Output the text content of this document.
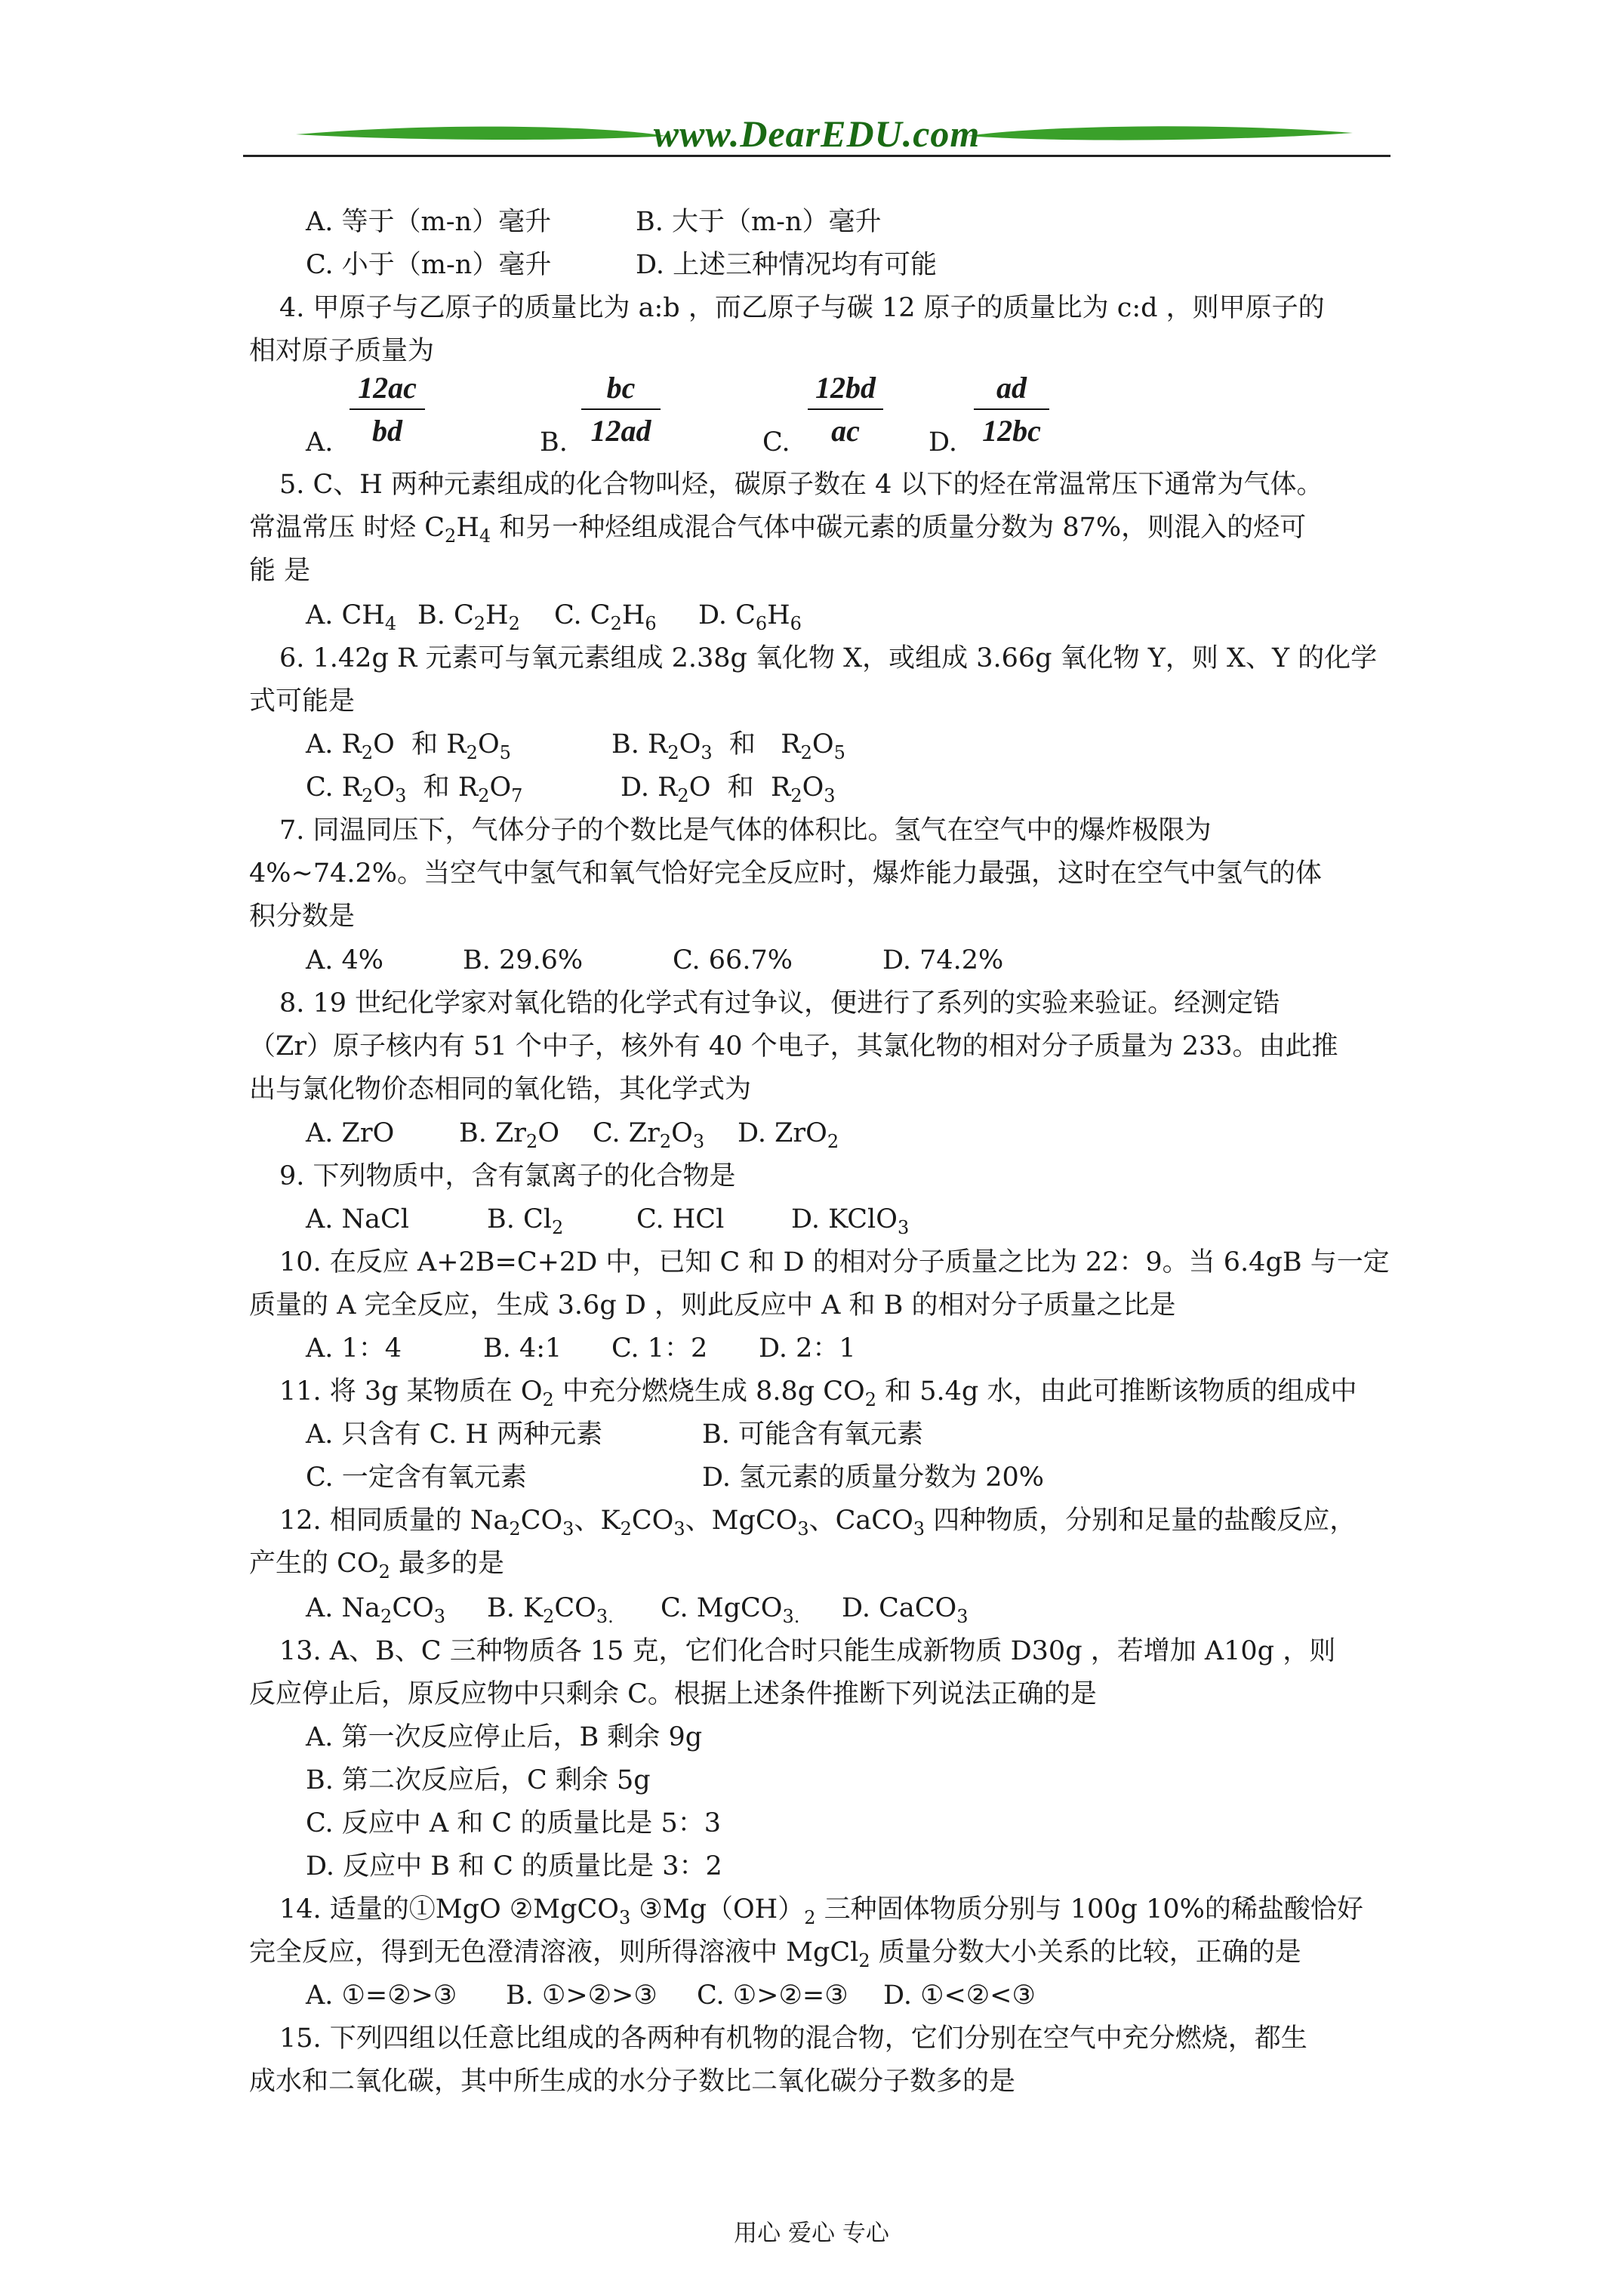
www.DearEDU.com
A. 等于（m-n）毫升	B. 大于（m-n）毫升
C. 小于（m-n）毫升	D. 上述三种情况均有可能
4. 甲原子与乙原子的质量比为 a:b ，而乙原子与碳 12 原子的质量比为 c:d ，则甲原子的
相对原子质量为
A.
12ac
bd	B.
bc
12ad	C.
12bd
ac	D.
ad
12bc
5. C、H 两种元素组成的化合物叫烃，碳原子数在 4 以下的烃在常温常压下通常为气体。
常温常压 时烃 $C_2H_4$ 和另一种烃组成混合气体中碳元素的质量分数为 87%，则混入的烃可
能 是
A. $CH_4$ B. $C_2H_2$ C. $C_2H_6$ D. $C_6H_6$
6. 1.42g R 元素可与氧元素组成 2.38g 氧化物 X，或组成 3.66g 氧化物 Y，则 X、Y 的化学
式可能是
A. $R_2O$ 和 $R_2O_5$	B. $R_2O_3$ 和 $R_2O_5$
C. $R_2O_3$ 和 $R_2O_7$	D. $R_2O$ 和 $R_2O_3$
7. 同温同压下，气体分子的个数比是气体的体积比。氢气在空气中的爆炸极限为
4%~74.2%。当空气中氢气和氧气恰好完全反应时，爆炸能力最强，这时在空气中氢气的体
积分数是
A. 4%	B. 29.6%	C. 66.7%	D. 74.2%
8. 19 世纪化学家对氧化锆的化学式有过争议，便进行了系列的实验来验证。经测定锆
（Zr）原子核内有 51 个中子，核外有 40 个电子，其氯化物的相对分子质量为 233。由此推
出与氯化物价态相同的氧化锆，其化学式为
A. ZrO B. $Zr_2O$ C. $Zr_2O_3$ D. ZrO$_2$
9. 下列物质中，含有氯离子的化合物是
A. NaCl	B. $Cl_2$	C. HCl	D. KClO$_3$
10. 在反应 A+2B=C+2D 中，已知 C 和 D 的相对分子质量之比为 22：9。当 6.4gB 与一定
质量的 A 完全反应，生成 3.6g D ，则此反应中 A 和 B 的相对分子质量之比是
A. 1：4	B. 4:1 C. 1：2 D. 2：1
11. 将 3g 某物质在 $O_2$ 中充分燃烧生成 8.8g $CO_2$ 和 5.4g 水，由此可推断该物质的组成中
A. 只含有 C. H 两种元素	B. 可能含有氧元素
C. 一定含有氧元素	D. 氢元素的质量分数为 20%
12. 相同质量的 $Na_2CO_3$、$K_2CO_3$、MgCO$_3$、CaCO$_3$ 四种物质，分别和足量的盐酸反应，
产生的 $CO_2$ 最多的是
A. $Na_2CO_3$ B. $K_2CO_{3.}$ C. MgCO$_{3.}$ D. CaCO$_3$
13. A、B、C 三种物质各 15 克，它们化合时只能生成新物质 D30g ，若增加 A10g ，则
反应停止后，原反应物中只剩余 C。根据上述条件推断下列说法正确的是
A. 第一次反应停止后，B 剩余 9g
B. 第二次反应后，C 剩余 5g
C. 反应中 A 和 C 的质量比是 5：3
D. 反应中 B 和 C 的质量比是 3：2
14. 适量的①MgO ②MgCO$_3$ $③Mg(OH)_2$ 三种固体物质分别与 100g 10%的稀盐酸恰好
完全反应，得到无色澄清溶液，则所得溶液中 MgCl$_2$ 质量分数大小关系的比较，正确的是
A. ①=②>③ B. ①>②>③ C. ①>②=③ D. ①<②<③
15. 下列四组以任意比组成的各两种有机物的混合物，它们分别在空气中充分燃烧，都生
成水和二氧化碳，其中所生成的水分子数比二氧化碳分子数多的是
用心 爱心 专心
